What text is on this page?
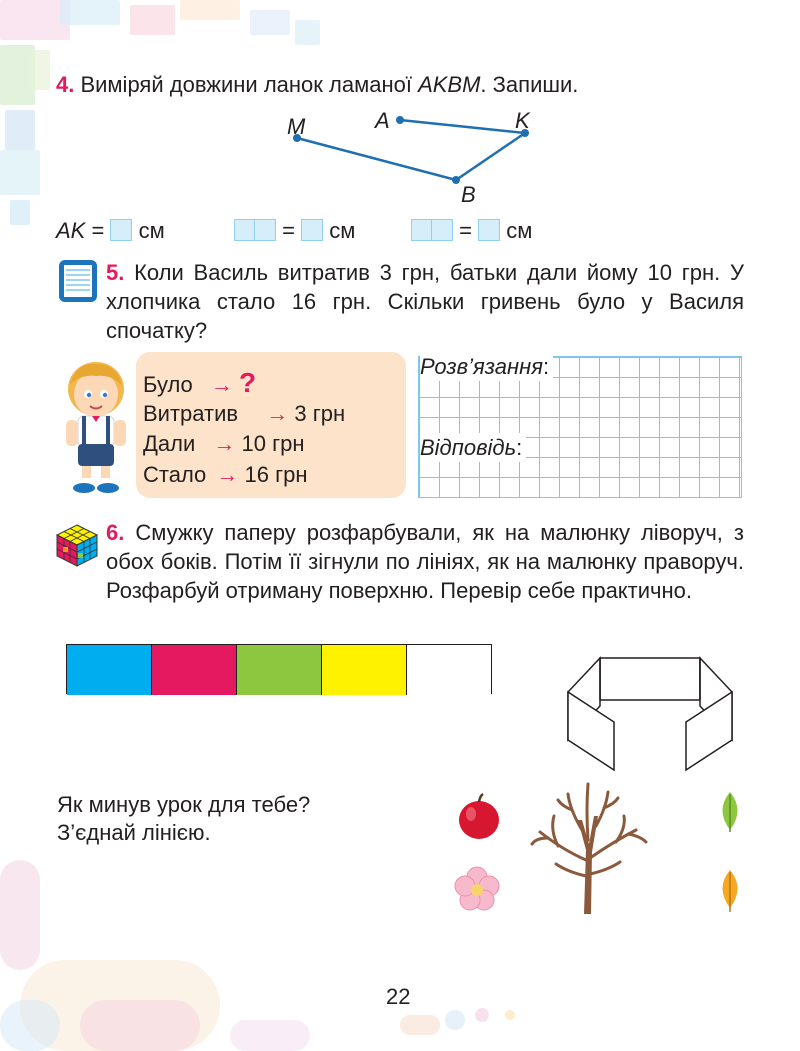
4. Виміряй довжини ланок ламаної AKBM. Запиши.
M	A	K
B
AK = см	= см	= см
5. Коли Василь витратив 3 грн, батьки дали йому 10 грн. У хлопчика стало 16 грн. Скільки гривень було у Василя спочатку?
Було → ?
Витратив → 3 грн
Дали → 10 грн
Стало → 16 грн
Розв’язання:
Відповідь:
6. Смужку паперу розфарбували, як на малюнку ліворуч, з обох боків. Потім її зігнули по лініях, як на малюнку праворуч. Розфарбуй отриману поверхню. Перевір себе практично.
Як минув урок для тебе?
З’єднай лінією.
22
